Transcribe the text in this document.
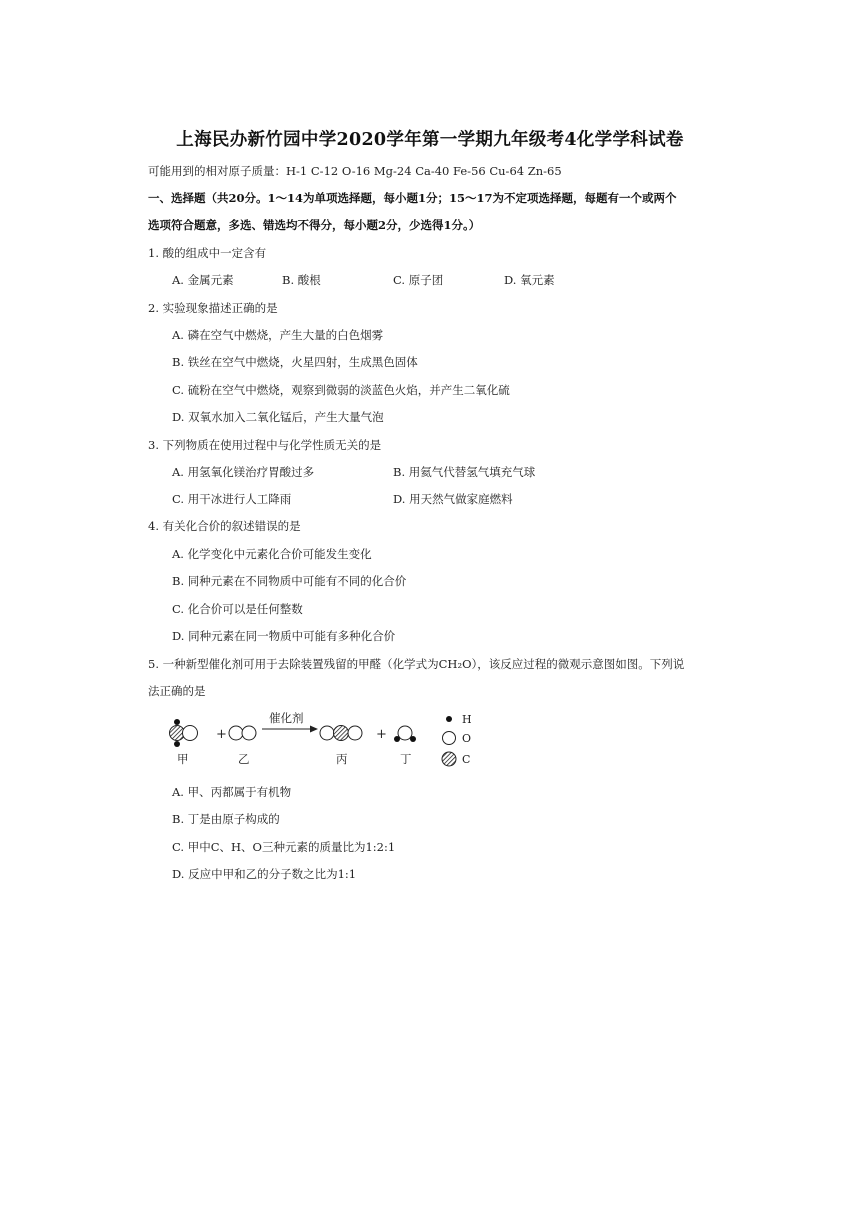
上海民办新竹园中学2020学年第一学期九年级考4化学学科试卷
可能用到的相对原子质量：H-1 C-12 O-16 Mg-24 Ca-40 Fe-56 Cu-64 Zn-65
一、选择题（共20分。1～14为单项选择题，每小题1分；15～17为不定项选择题，每题有一个或两个
选项符合题意，多选、错选均不得分，每小题2分，少选得1分。）
1. 酸的组成中一定含有
A. 金属元素	B. 酸根	C. 原子团	D. 氧元素
2. 实验现象描述正确的是
A. 磷在空气中燃烧，产生大量的白色烟雾
B. 铁丝在空气中燃烧，火星四射，生成黑色固体
C. 硫粉在空气中燃烧，观察到微弱的淡蓝色火焰，并产生二氧化硫
D. 双氧水加入二氧化锰后，产生大量气泡
3. 下列物质在使用过程中与化学性质无关的是
A. 用氢氧化镁治疗胃酸过多	B. 用氦气代替氢气填充气球
C. 用干冰进行人工降雨	D. 用天然气做家庭燃料
4. 有关化合价的叙述错误的是
A. 化学变化中元素化合价可能发生变化
B. 同种元素在不同物质中可能有不同的化合价
C. 化合价可以是任何整数
D. 同种元素在同一物质中可能有多种化合价
5. 一种新型催化剂可用于去除装置残留的甲醛（化学式为CH₂O），该反应过程的微观示意图如图。下列说
法正确的是
+
催化剂
+
H
O
C
甲	乙	丙	丁
A. 甲、丙都属于有机物
B. 丁是由原子构成的
C. 甲中C、H、O三种元素的质量比为1:2:1
D. 反应中甲和乙的分子数之比为1:1
